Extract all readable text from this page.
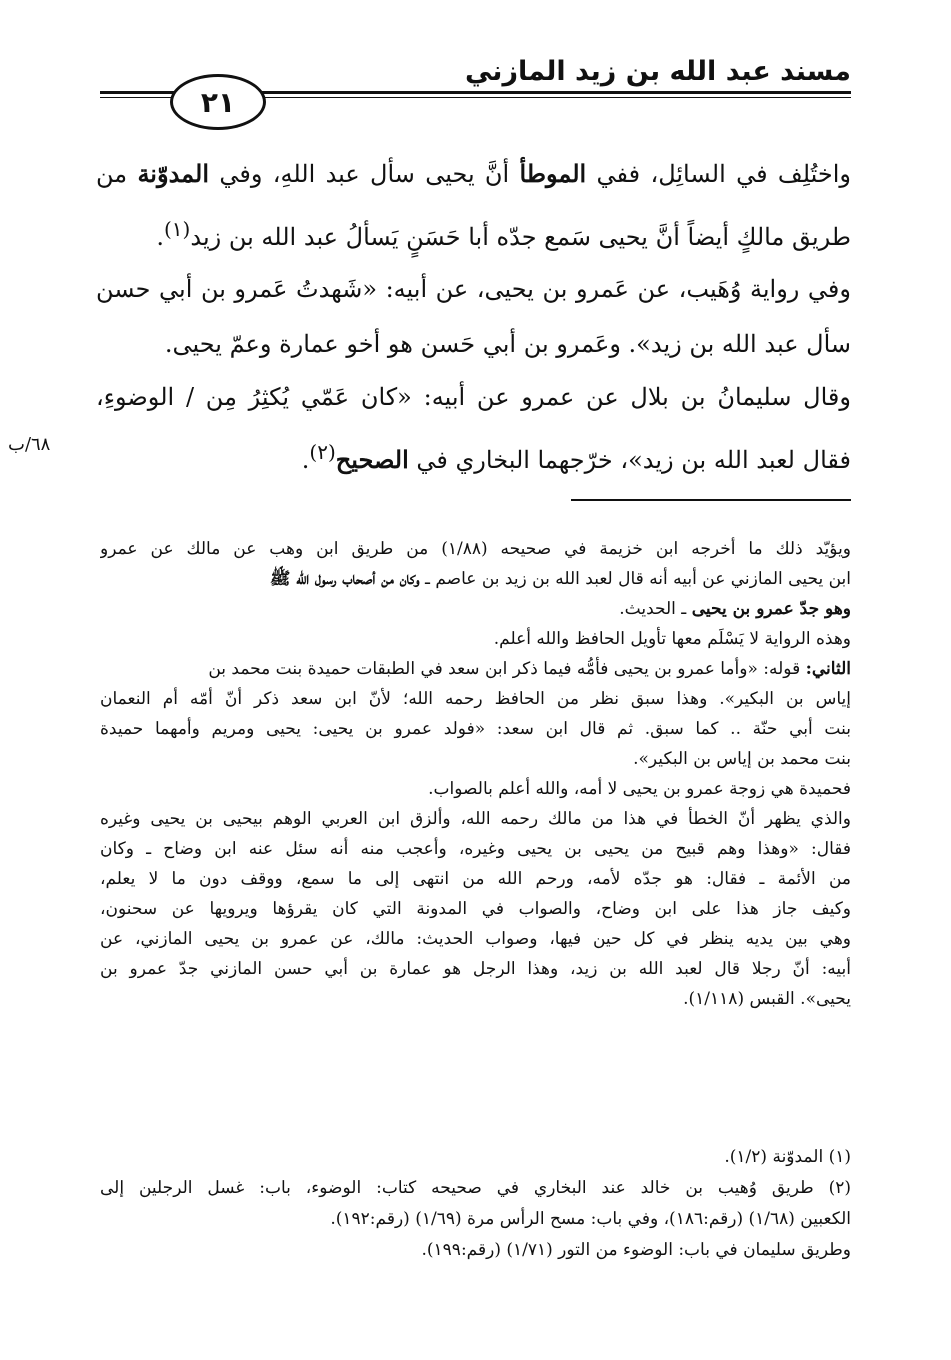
مسند عبد الله بن زيد المازني
٢١
واختُلِف في السائِل، ففي الموطأ أنَّ يحيى سأل عبد اللهِ، وفي المدوّنة من طريق مالكٍ أيضاً أنَّ يحيى سَمع جدّه أبا حَسَنٍ يَسألُ عبد الله بن زيد$^{(١)}$.
وفي رواية وُهَيب، عن عَمرو بن يحيى، عن أبيه: «شَهدتُ عَمرو بن أبي حسن سأل عبد الله بن زيد». وعَمرو بن أبي حَسن هو أخو عمارة وعمّ يحيى.
وقال سليمانُ بن بلال عن عمرو عن أبيه: «كان عَمّي يُكثِرُ مِن / الوضوءِ، فقال لعبد الله بن زيد»، خرّجهما البخاري في الصحيح$^{(٢)}$.
٦٨/ب
ويؤيّد ذلك ما أخرجه ابن خزيمة في صحيحه (١/٨٨) من طريق ابن وهب عن مالك عن عمرو
ابن يحيى المازني عن أبيه أنه قال لعبد الله بن زيد بن عاصم ـ وكان من أصحاب رسول الله ﷺ
وهو جدّ عمرو بن يحيى ـ الحديث.
وهذه الرواية لا يَسْلَم معها تأويل الحافظ والله أعلم.
الثاني: قوله: «وأما عمرو بن يحيى فأمُّه فيما ذكر ابن سعد في الطبقات حميدة بنت محمد بن
إياس بن البكير». وهذا سبق نظر من الحافظ رحمه الله؛ لأنّ ابن سعد ذكر أنّ أمّه أم النعمان
بنت أبي حنّة .. كما سبق. ثم قال ابن سعد: «فولد عمرو بن يحيى: يحيى ومريم وأمهما حميدة
بنت محمد بن إياس بن البكير».
فحميدة هي زوجة عمرو بن يحيى لا أمه، والله أعلم بالصواب.
والذي يظهر أنّ الخطأ في هذا من مالك رحمه الله، وألزق ابن العربي الوهم بيحيى بن يحيى وغيره
فقال: «وهذا وهم قبيح من يحيى بن يحيى وغيره، وأعجب منه أنه سئل عنه ابن وضاح ـ وكان
من الأئمة ـ فقال: هو جدّه لأمه، ورحم الله من انتهى إلى ما سمع، ووقف دون ما لا يعلم،
وكيف جاز هذا على ابن وضاح، والصواب في المدونة التي كان يقرؤها ويرويها عن سحنون،
وهي بين يديه ينظر في كل حين فيها، وصواب الحديث: مالك، عن عمرو بن يحيى المازني، عن
أبيه: أنّ رجلا قال لعبد الله بن زيد، وهذا الرجل هو عمارة بن أبي حسن المازني جدّ عمرو بن
يحيى». القبس (١/١١٨).
(١) المدوّنة (١/٢).
(٢) طريق وُهيب بن خالد عند البخاري في صحيحه كتاب: الوضوء، باب: غسل الرجلين إلى
الكعبين (١/٦٨) (رقم:١٨٦)، وفي باب: مسح الرأس مرة (١/٦٩) (رقم:١٩٢).
وطريق سليمان في باب: الوضوء من التور (١/٧١) (رقم:١٩٩).
